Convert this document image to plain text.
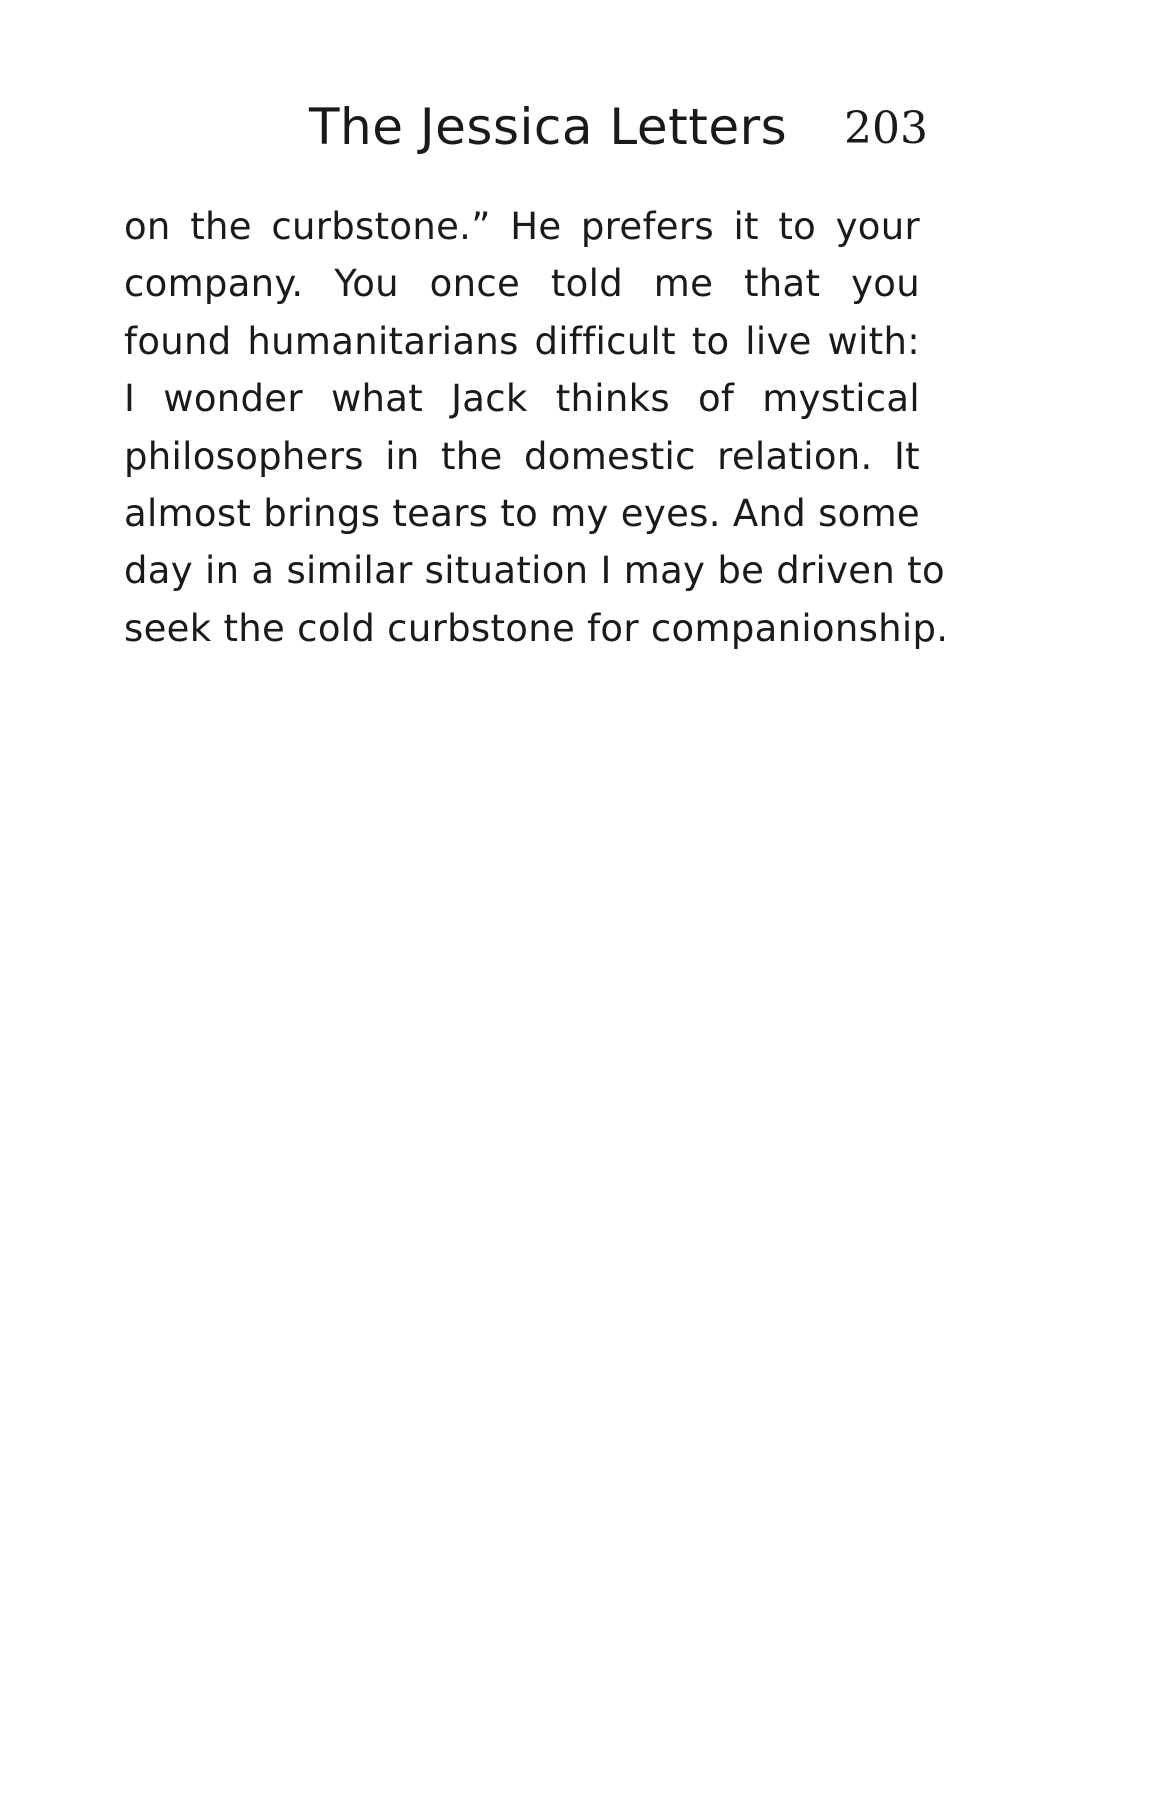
The Jessica Letters 203
on the curbstone.” He prefers it to your
company. You once told me that you
found humanitarians difficult to live with:
I wonder what Jack thinks of mystical
philosophers in the domestic relation. It
almost brings tears to my eyes. And some
day in a similar situation I may be driven to
seek the cold curbstone for companionship.
